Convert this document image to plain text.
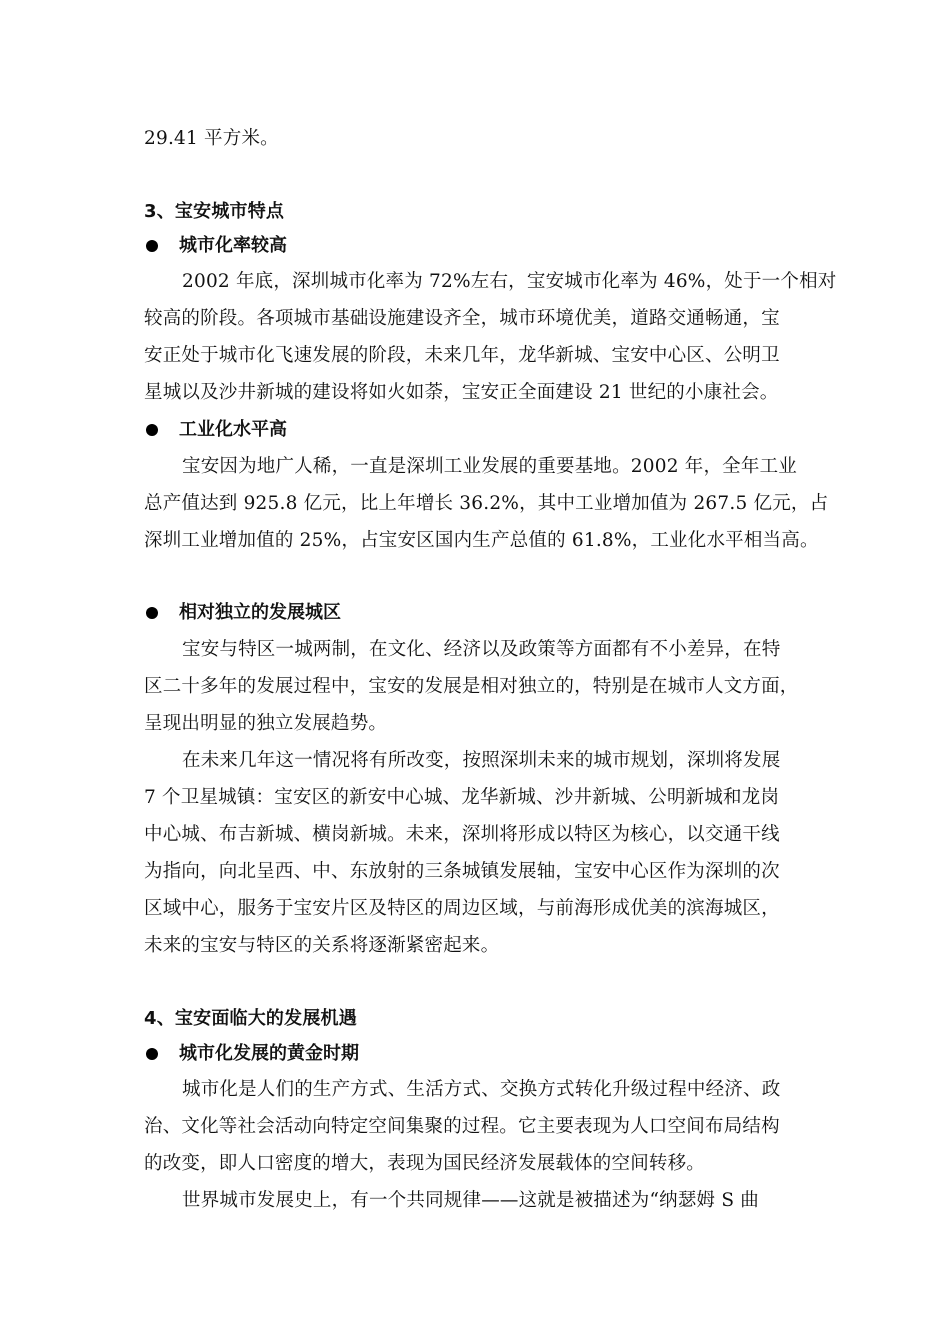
29.41 平方米。
3、宝安城市特点
城市化率较高
2002 年底，深圳城市化率为 72%左右，宝安城市化率为 46%，处于一个相对
较高的阶段。各项城市基础设施建设齐全，城市环境优美，道路交通畅通，宝
安正处于城市化飞速发展的阶段，未来几年，龙华新城、宝安中心区、公明卫
星城以及沙井新城的建设将如火如荼，宝安正全面建设 21 世纪的小康社会。
工业化水平高
宝安因为地广人稀，一直是深圳工业发展的重要基地。2002 年，全年工业
总产值达到 925.8 亿元，比上年增长 36.2%，其中工业增加值为 267.5 亿元，占
深圳工业增加值的 25%，占宝安区国内生产总值的 61.8%，工业化水平相当高。
相对独立的发展城区
宝安与特区一城两制，在文化、经济以及政策等方面都有不小差异，在特
区二十多年的发展过程中，宝安的发展是相对独立的，特别是在城市人文方面，
呈现出明显的独立发展趋势。
在未来几年这一情况将有所改变，按照深圳未来的城市规划，深圳将发展
7 个卫星城镇：宝安区的新安中心城、龙华新城、沙井新城、公明新城和龙岗
中心城、布吉新城、横岗新城。未来，深圳将形成以特区为核心，以交通干线
为指向，向北呈西、中、东放射的三条城镇发展轴，宝安中心区作为深圳的次
区域中心，服务于宝安片区及特区的周边区域，与前海形成优美的滨海城区，
未来的宝安与特区的关系将逐渐紧密起来。
4、宝安面临大的发展机遇
城市化发展的黄金时期
城市化是人们的生产方式、生活方式、交换方式转化升级过程中经济、政
治、文化等社会活动向特定空间集聚的过程。它主要表现为人口空间布局结构
的改变，即人口密度的增大，表现为国民经济发展载体的空间转移。
世界城市发展史上，有一个共同规律——这就是被描述为“纳瑟姆 S 曲
